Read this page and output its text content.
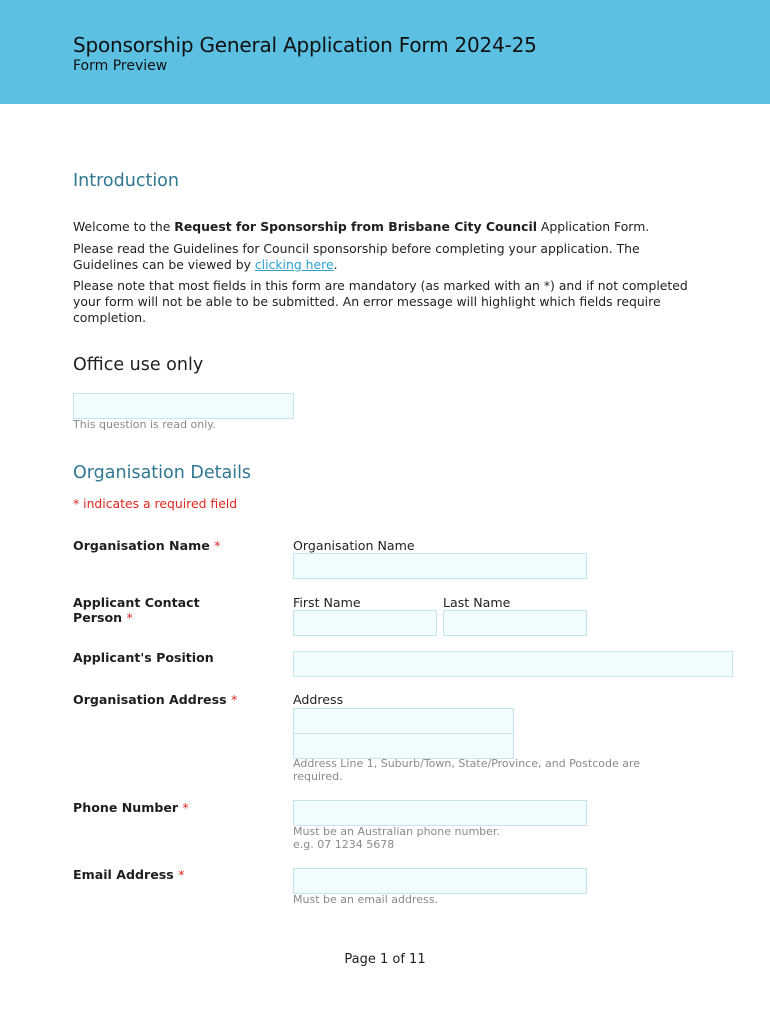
Sponsorship General Application Form 2024-25
Form Preview
Introduction
Welcome to the Request for Sponsorship from Brisbane City Council Application Form.
Please read the Guidelines for Council sponsorship before completing your application. The Guidelines can be viewed by clicking here.
Please note that most fields in this form are mandatory (as marked with an *) and if not completed your form will not be able to be submitted. An error message will highlight which fields require completion.
Office use only
This question is read only.
Organisation Details
* indicates a required field
Organisation Name *	Organisation Name
Applicant Contact Person *
First Name	Last Name
Applicant's Position
Organisation Address *	Address
Address Line 1, Suburb/Town, State/Province, and Postcode are required.
Phone Number *
Must be an Australian phone number.
e.g. 07 1234 5678
Email Address *
Must be an email address.
Page 1 of 11
